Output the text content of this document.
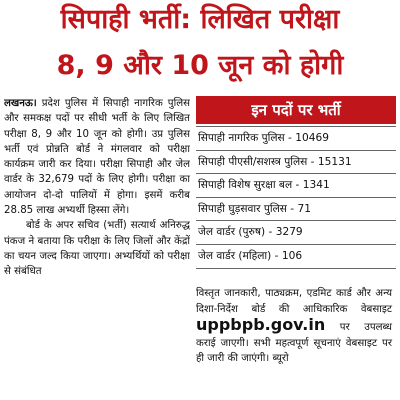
सिपाही भर्ती: लिखित परीक्षा
8, 9 और 10 जून को होगी

लखनऊ। प्रदेश पुलिस में सिपाही नागरिक पुलिस और समकक्ष पदों पर सीधी भर्ती के लिए लिखित परीक्षा 8, 9 और 10 जून को होगी। उप्र पुलिस भर्ती एवं प्रोन्नति बोर्ड ने मंगलवार को परीक्षा कार्यक्रम जारी कर दिया। परीक्षा सिपाही और जेल वार्डर के 32,679 पदों के लिए होगी। परीक्षा का आयोजन दो-दो पालियों में होगा। इसमें करीब 28.85 लाख अभ्यर्थी हिस्सा लेंगे।

बोर्ड के अपर सचिव (भर्ती) सत्यार्थ अनिरुद्ध पंकज ने बताया कि परीक्षा के लिए जिलों और केंद्रों का चयन जल्द किया जाएगा। अभ्यर्थियों को परीक्षा से संबंधित

इन पदों पर भर्ती
सिपाही नागरिक पुलिस - 10469
सिपाही पीएसी/सशस्त्र पुलिस - 15131
सिपाही विशेष सुरक्षा बल - 1341
सिपाही घुड़सवार पुलिस - 71
जेल वार्डर (पुरुष) - 3279
जेल वार्डर (महिला) - 106
विस्तृत जानकारी, पाठ्यक्रम, एडमिट कार्ड और अन्य दिशा-निर्देश बोर्ड की आधिकारिक वेबसाइट uppbpb.gov.in पर उपलब्ध कराई जाएगी। सभी महत्वपूर्ण सूचनाएं वेबसाइट पर ही जारी की जाएंगी। ब्यूरो
